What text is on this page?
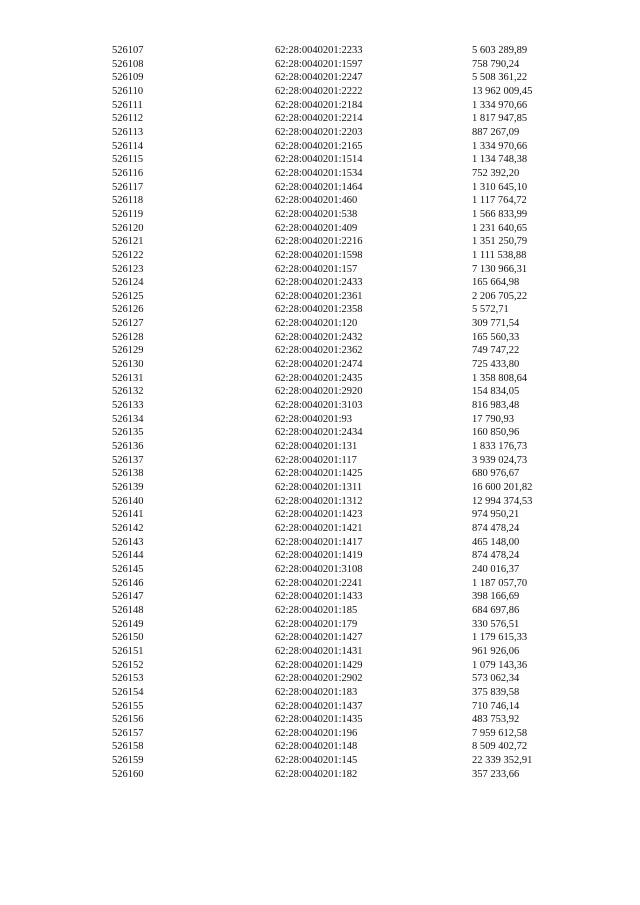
526107	62:28:0040201:2233	5 603 289,89
526108	62:28:0040201:1597	758 790,24
526109	62:28:0040201:2247	5 508 361,22
526110	62:28:0040201:2222	13 962 009,45
526111	62:28:0040201:2184	1 334 970,66
526112	62:28:0040201:2214	1 817 947,85
526113	62:28:0040201:2203	887 267,09
526114	62:28:0040201:2165	1 334 970,66
526115	62:28:0040201:1514	1 134 748,38
526116	62:28:0040201:1534	752 392,20
526117	62:28:0040201:1464	1 310 645,10
526118	62:28:0040201:460	1 117 764,72
526119	62:28:0040201:538	1 566 833,99
526120	62:28:0040201:409	1 231 640,65
526121	62:28:0040201:2216	1 351 250,79
526122	62:28:0040201:1598	1 111 538,88
526123	62:28:0040201:157	7 130 966,31
526124	62:28:0040201:2433	165 664,98
526125	62:28:0040201:2361	2 206 705,22
526126	62:28:0040201:2358	5 572,71
526127	62:28:0040201:120	309 771,54
526128	62:28:0040201:2432	165 560,33
526129	62:28:0040201:2362	749 747,22
526130	62:28:0040201:2474	725 433,80
526131	62:28:0040201:2435	1 358 808,64
526132	62:28:0040201:2920	154 834,05
526133	62:28:0040201:3103	816 983,48
526134	62:28:0040201:93	17 790,93
526135	62:28:0040201:2434	160 850,96
526136	62:28:0040201:131	1 833 176,73
526137	62:28:0040201:117	3 939 024,73
526138	62:28:0040201:1425	680 976,67
526139	62:28:0040201:1311	16 600 201,82
526140	62:28:0040201:1312	12 994 374,53
526141	62:28:0040201:1423	974 950,21
526142	62:28:0040201:1421	874 478,24
526143	62:28:0040201:1417	465 148,00
526144	62:28:0040201:1419	874 478,24
526145	62:28:0040201:3108	240 016,37
526146	62:28:0040201:2241	1 187 057,70
526147	62:28:0040201:1433	398 166,69
526148	62:28:0040201:185	684 697,86
526149	62:28:0040201:179	330 576,51
526150	62:28:0040201:1427	1 179 615,33
526151	62:28:0040201:1431	961 926,06
526152	62:28:0040201:1429	1 079 143,36
526153	62:28:0040201:2902	573 062,34
526154	62:28:0040201:183	375 839,58
526155	62:28:0040201:1437	710 746,14
526156	62:28:0040201:1435	483 753,92
526157	62:28:0040201:196	7 959 612,58
526158	62:28:0040201:148	8 509 402,72
526159	62:28:0040201:145	22 339 352,91
526160	62:28:0040201:182	357 233,66
